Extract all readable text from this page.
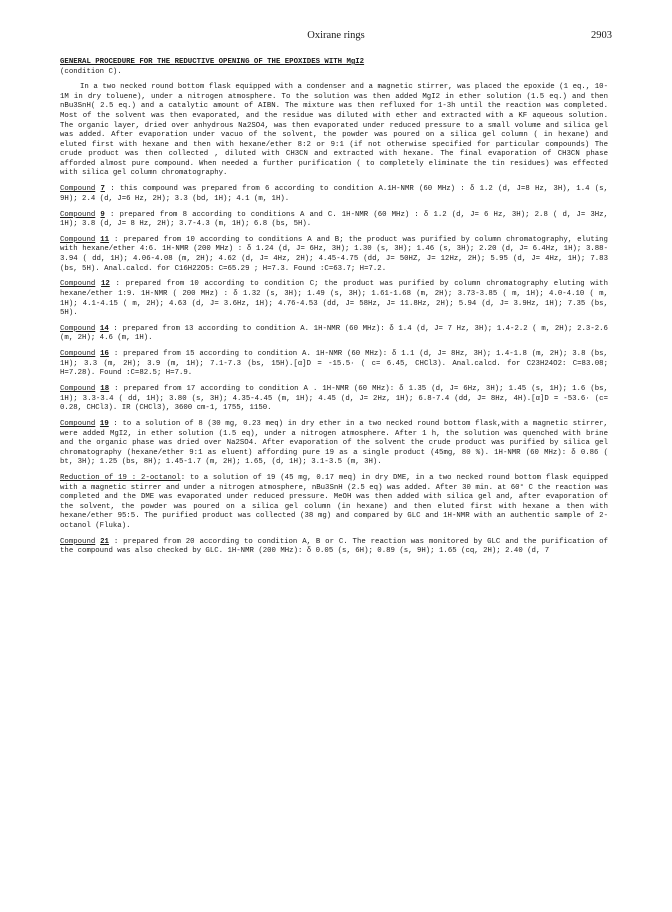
Oxirane rings	2903

GENERAL PROCEDURE FOR THE REDUCTIVE OPENING OF THE EPOXIDES WITH MgI2
(condition C).

In a two necked round bottom flask equipped with a condenser and a magnetic stirrer, was placed the epoxide (1 eq., 10-1M in dry toluene), under a nitrogen atmosphere. To the solution was then added MgI2 in ether solution (1.5 eq.) and then nBu3SnH( 2.5 eq.) and a catalytic amount of AIBN. The mixture was then refluxed for 1-3h until the reaction was completed. Most of the solvent was then evaporated, and the residue was diluted with ether and extracted with a KF aqueous solution. The organic layer, dried over anhydrous Na2SO4, was then evaporated under reduced pressure to a small volume and silica gel was added. After evaporation under vacuo of the solvent, the powder was poured on a silica gel column ( in hexane) and eluted first with hexane and then with hexane/ether 8:2 or 9:1 (if not otherwise specified for particular compounds) The crude product was then collected , diluted with CH3CN and extracted with hexane. The final evaporation of CH3CN phase afforded almost pure compound. When needed a further purification ( to completely eliminate the tin residues) was effected with silica gel column chromatography.

Compound 7 : this compound was prepared from 6 according to condition A.1H-NMR (60 MHz) : δ 1.2 (d, J=8 Hz, 3H), 1.4 (s, 9H); 2.4 (d, J=6 Hz, 2H); 3.3 (bd, 1H); 4.1 (m, 1H).

Compound 9 : prepared from 8 according to conditions A and C. 1H-NMR (60 MHz) : δ 1.2 (d, J= 6 Hz, 3H); 2.8 ( d, J= 3Hz, 1H); 3.8 (d, J= 8 Hz, 2H); 3.7-4.3 (m, 1H); 6.8 (bs, 5H).

Compound 11 : prepared from 10 according to conditions A and B; the product was purified by column chromatography, eluting with hexane/ether 4:6. 1H-NMR (200 MHz) : δ 1.24 (d, J= 6Hz, 3H); 1.30 (s, 3H); 1.46 (s, 3H); 2.20 (d, J= 6.4Hz, 1H); 3.88-3.94 ( dd, 1H); 4.06-4.08 (m, 2H); 4.62 (d, J= 4Hz, 2H); 4.45-4.75 (dd, J= 50HZ, J= 12Hz, 2H); 5.95 (d, J= 4Hz, 1H); 7.83 (bs, 5H). Anal.calcd. for C16H22O5: C=65.29 ; H=7.3. Found :C=63.7; H=7.2.

Compound 12 : prepared from 10 according to condition C; the product was purified by column chromatography eluting with hexane/ether 1:9. 1H-NMR ( 200 MHz) : δ 1.32 (s, 3H); 1.49 (s, 3H); 1.61-1.68 (m, 2H); 3.73-3.85 ( m, 1H); 4.0-4.10 ( m, 1H); 4.1-4.15 ( m, 2H); 4.63 (d, J= 3.6Hz, 1H); 4.76-4.53 (dd, J= 58Hz, J= 11.8Hz, 2H); 5.94 (d, J= 3.9Hz, 1H); 7.35 (bs, 5H).

Compound 14 : prepared from 13 according to condition A. 1H-NMR (60 MHz): δ 1.4 (d, J= 7 Hz, 3H); 1.4-2.2 ( m, 2H); 2.3-2.6 (m, 2H); 4.6 (m, 1H).

Compound 16 : prepared from 15 according to condition A. 1H-NMR (60 MHz): δ 1.1 (d, J= 8Hz, 3H); 1.4-1.8 (m, 2H); 3.8 (bs, 1H); 3.3 (m, 2H); 3.9 (m, 1H); 7.1-7.3 (bs, 15H).[α]D = -15.5· ( c= 6.45, CHCl3). Anal.calcd. for C23H24O2: C=83.08; H=7.28). Found :C=82.5; H=7.9.

Compound 18 : prepared from 17 according to condition A . 1H-NMR (60 MHz): δ 1.35 (d, J= 6Hz, 3H); 1.45 (s, 1H); 1.6 (bs, 1H); 3.3-3.4 ( dd, 1H); 3.80 (s, 3H); 4.35-4.45 (m, 1H); 4.45 (d, J= 2Hz, 1H); 6.8-7.4 (dd, J= 8Hz, 4H).[α]D = -53.6· (c= 0.28, CHCl3). IR (CHCl3), 3600 cm-1, 1755, 1150.

Compound 19 : to a solution of 8 (30 mg, 0.23 meq) in dry ether in a two necked round bottom flask,with a magnetic stirrer, were added MgI2, in ether solution (1.5 eq), under a nitrogen atmosphere. After 1 h, the solution was quenched with brine and the organic phase was dried over Na2SO4. After evaporation of the solvent the crude product was purified by silica gel chromatography (hexane/ether 9:1 as eluent) affording pure 19 as a single product (45mg, 80 %). 1H-NMR (60 MHz): δ 0.86 ( bt, 3H); 1.25 (bs, 8H); 1.45-1.7 (m, 2H); 1.65, (d, 1H); 3.1-3.5 (m, 3H).

Reduction of 19 : 2-octanol: to a solution of 19 (45 mg, 0.17 meq) in dry DME, in a two necked round bottom flask equipped with a magnetic stirrer and under a nitrogen atmosphere, nBu3SnH (2.5 eq) was added. After 30 min. at 60° C the reaction was completed and the DME was evaporated under reduced pressure. MeOH was then added with silica gel and, after evaporation of the solvent, the powder was poured on a silica gel column (in hexane) and then eluted first with hexane a then with hexane/ether 95:5. The purified product was collected (38 mg) and compared by GLC and 1H-NMR with an authentic sample of 2-octanol (Fluka).

Compound 21 : prepared from 20 according to condition A, B or C. The reaction was monitored by GLC and the purification of the compound was also checked by GLC. 1H-NMR (200 MHz): δ 0.05 (s, 6H); 0.89 (s, 9H); 1.65 (cq, 2H); 2.40 (d, 7
